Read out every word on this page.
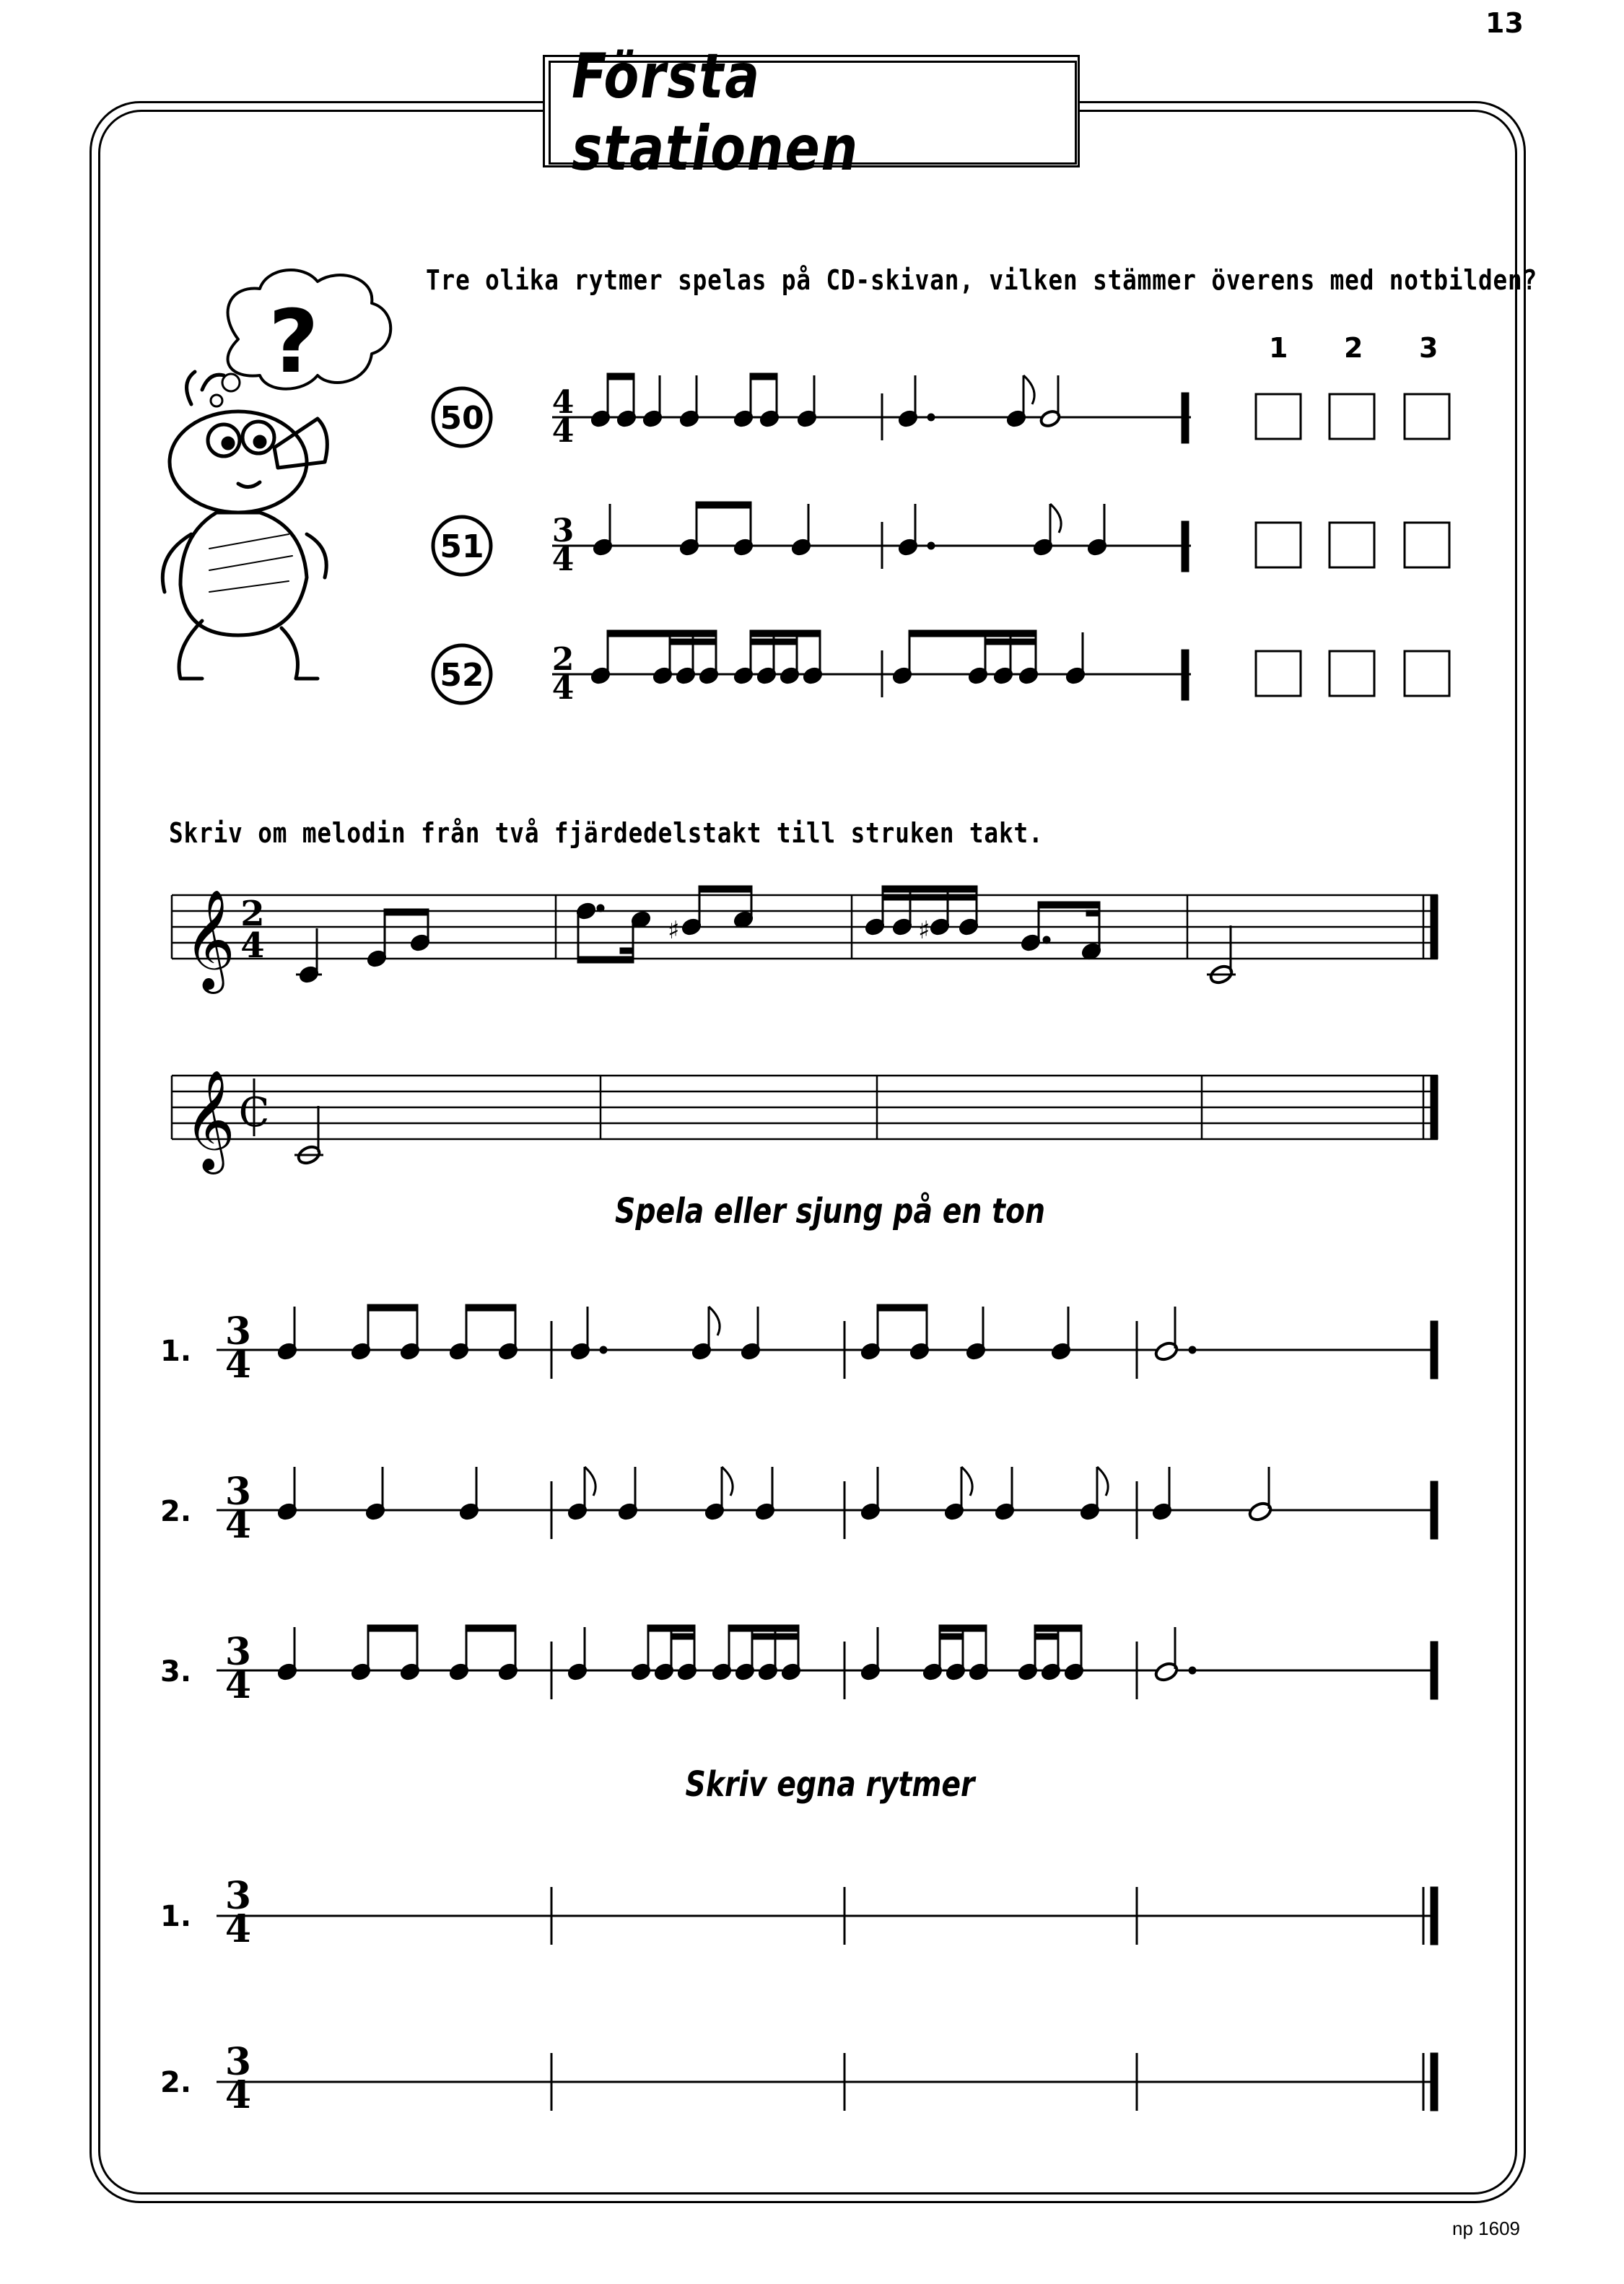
13
Första stationen
Tre olika rytmer spelas på CD-skivan, vilken stämmer överens med notbilden?
1 2 3
Skriv om melodin från två fjärdedelstakt till struken takt.
Spela eller sjung på en ton
Skriv egna rytmer
np 1609
?
50 4
4
51 3
4
52 2
4
𝄞 2
4	♯	♯
𝄞 C
1. 3
4
2. 3
4
3. 3
4
1. 3
4
2. 3
4
